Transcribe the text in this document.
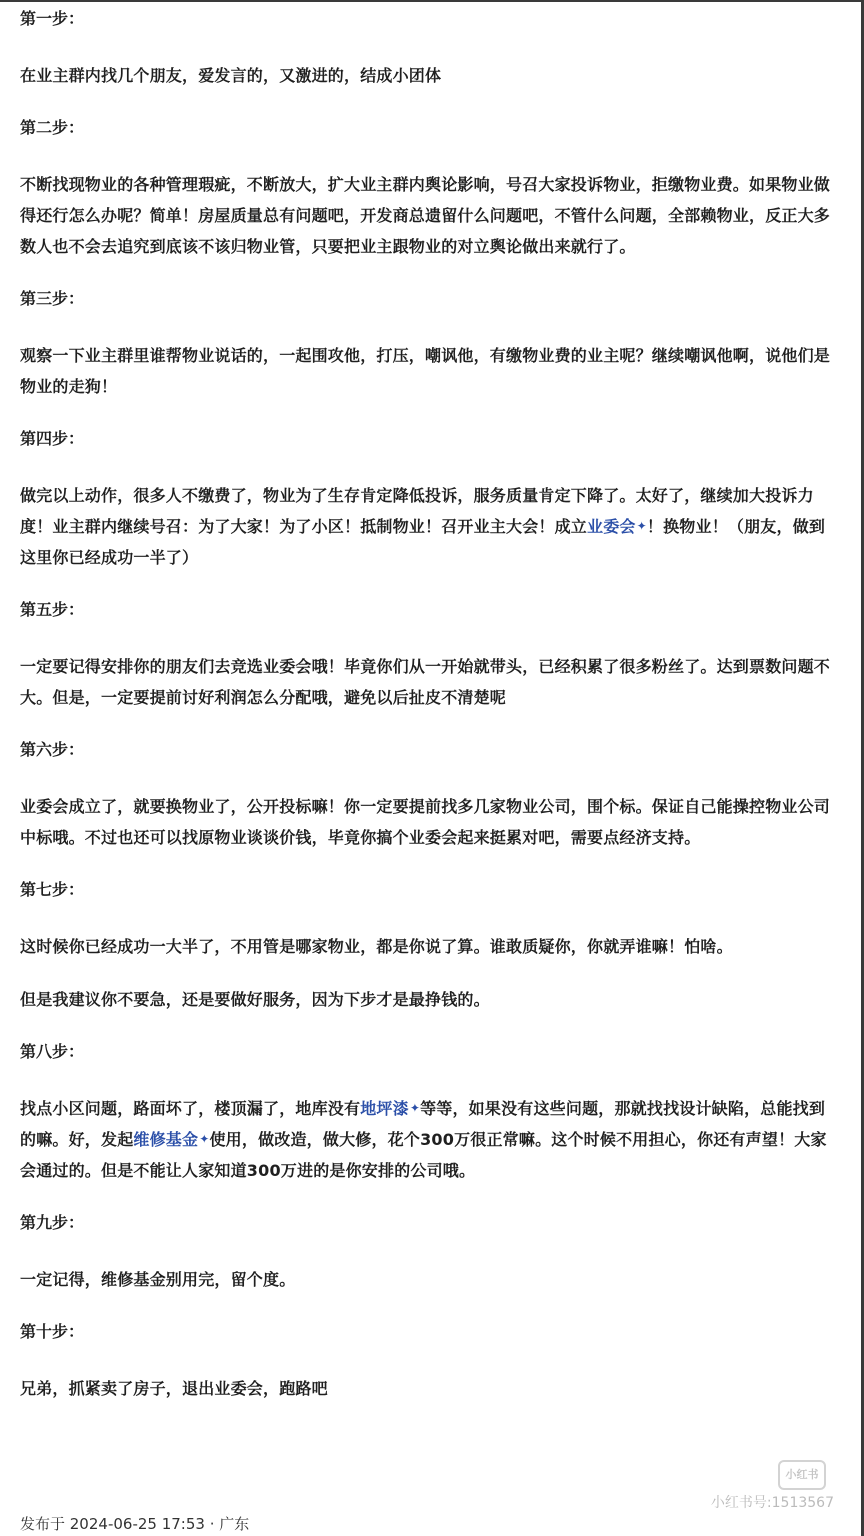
第一步：
在业主群内找几个朋友，爱发言的，又激进的，结成小团体
第二步：
不断找现物业的各种管理瑕疵，不断放大，扩大业主群内舆论影响，号召大家投诉物业，拒缴物业费。如果物业做得还行怎么办呢？简单！房屋质量总有问题吧，开发商总遗留什么问题吧，不管什么问题，全部赖物业，反正大多数人也不会去追究到底该不该归物业管，只要把业主跟物业的对立舆论做出来就行了。
第三步：
观察一下业主群里谁帮物业说话的，一起围攻他，打压，嘲讽他，有缴物业费的业主呢？继续嘲讽他啊，说他们是物业的走狗！
第四步：
做完以上动作，很多人不缴费了，物业为了生存肯定降低投诉，服务质量肯定下降了。太好了，继续加大投诉力度！业主群内继续号召：为了大家！为了小区！抵制物业！召开业主大会！成立业委会✦！换物业！（朋友，做到这里你已经成功一半了）
第五步：
一定要记得安排你的朋友们去竞选业委会哦！毕竟你们从一开始就带头，已经积累了很多粉丝了。达到票数问题不大。但是，一定要提前讨好利润怎么分配哦，避免以后扯皮不清楚呢
第六步：
业委会成立了，就要换物业了，公开投标嘛！你一定要提前找多几家物业公司，围个标。保证自己能操控物业公司中标哦。不过也还可以找原物业谈谈价钱，毕竟你搞个业委会起来挺累对吧，需要点经济支持。
第七步：
这时候你已经成功一大半了，不用管是哪家物业，都是你说了算。谁敢质疑你，你就弄谁嘛！怕啥。
但是我建议你不要急，还是要做好服务，因为下步才是最挣钱的。
第八步：
找点小区问题，路面坏了，楼顶漏了，地库没有地坪漆✦等等，如果没有这些问题，那就找找设计缺陷，总能找到的嘛。好，发起维修基金✦使用，做改造，做大修，花个300万很正常嘛。这个时候不用担心，你还有声望！大家会通过的。但是不能让人家知道300万进的是你安排的公司哦。
第九步：
一定记得，维修基金别用完，留个度。
第十步：
兄弟，抓紧卖了房子，退出业委会，跑路吧
小红书
小红书号:1513567
发布于 2024-06-25 17:53 · 广东
